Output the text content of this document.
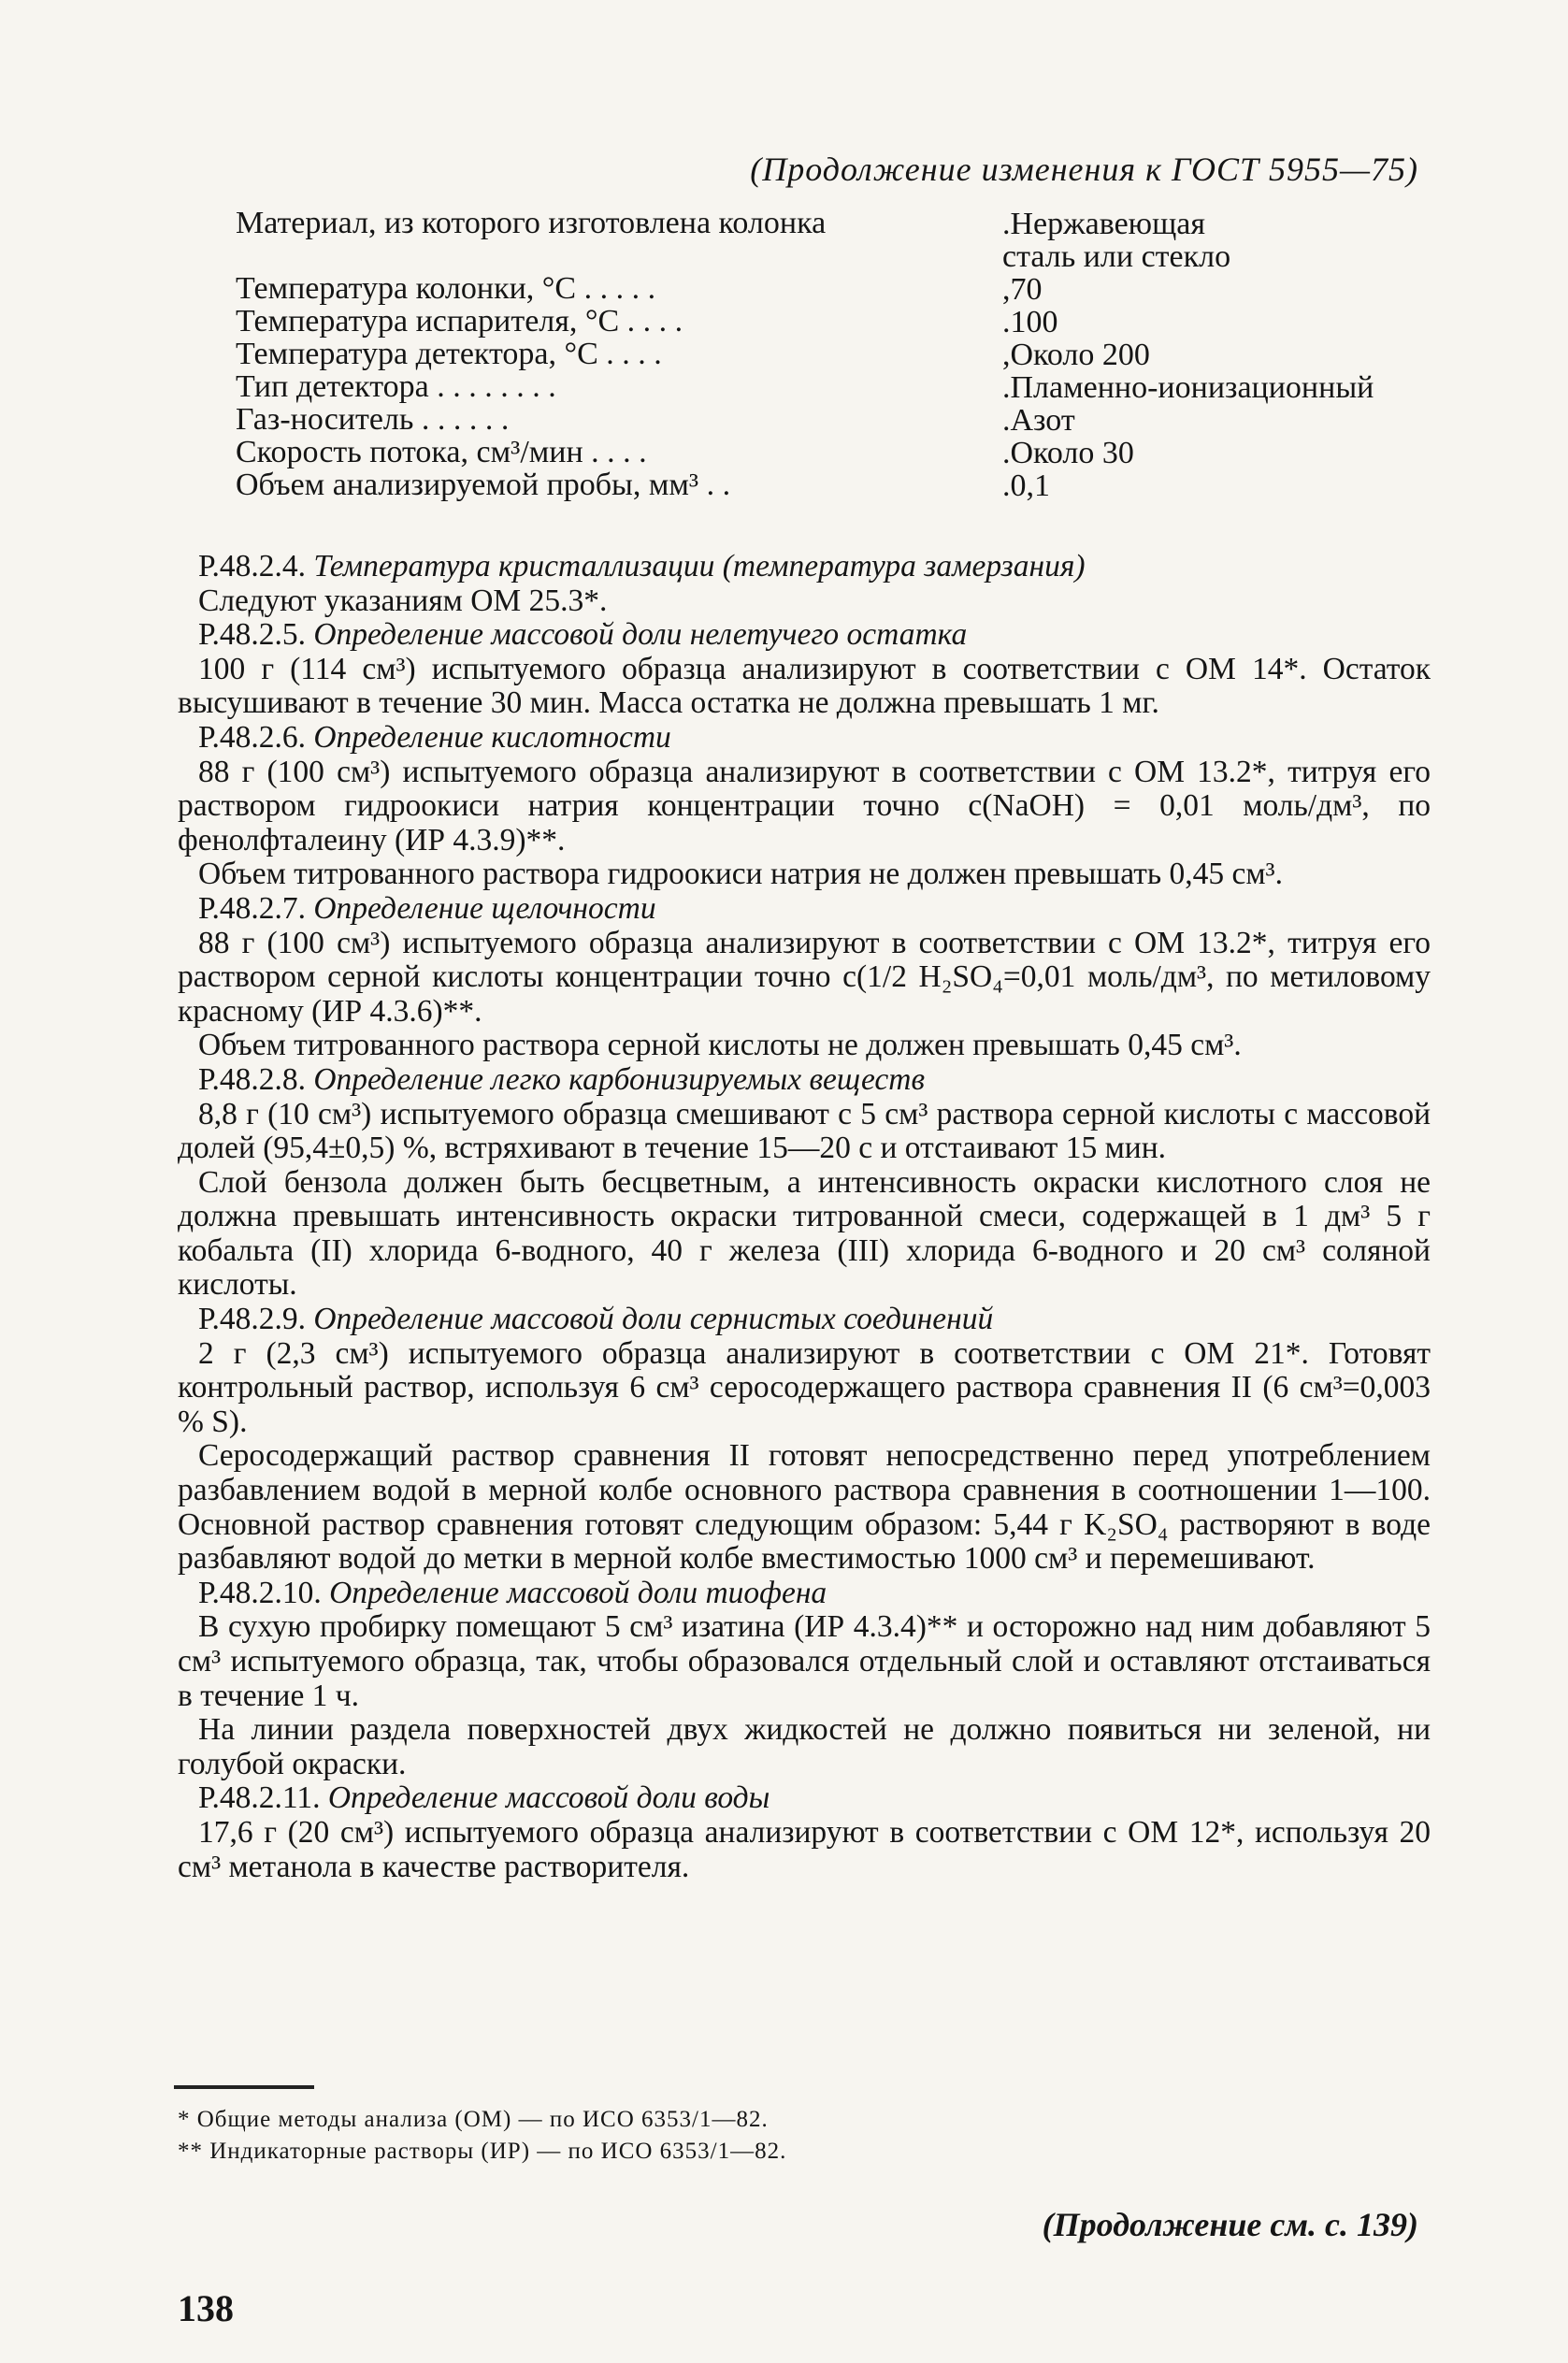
(Продолжение изменения к ГОСТ 5955—75)
Материал, из которого изготовлена колонка	.Нержавеющая
сталь или стекло
Температура колонки, °С . . . . .	,70
Температура испарителя, °С . . . .	.100
Температура детектора, °С . . . .	,Около 200
Тип детектора . . . . . . . .	.Пламенно-ионизационный
Газ-носитель . . . . . .	.Азот
Скорость потока, см³/мин . . . .	.Около 30
Объем анализируемой пробы, мм³ . .	.0,1

Р.48.2.4. Температура кристаллизации (температура замерзания)

Следуют указаниям ОМ 25.3*.

Р.48.2.5. Определение массовой доли нелетучего остатка

100 г (114 см³) испытуемого образца анализируют в соответствии с ОМ 14*. Остаток высушивают в течение 30 мин. Масса остатка не должна превышать 1 мг.

Р.48.2.6. Определение кислотности

88 г (100 см³) испытуемого образца анализируют в соответствии с ОМ 13.2*, титруя его раствором гидроокиси натрия концентрации точно c(NaOH) = 0,01 моль/дм³, по фенолфталеину (ИР 4.3.9)**.

Объем титрованного раствора гидроокиси натрия не должен превышать 0,45 см³.

Р.48.2.7. Определение щелочности

88 г (100 см³) испытуемого образца анализируют в соответствии с ОМ 13.2*, титруя его раствором серной кислоты концентрации точно c(1/2 H₂SO₄=0,01 моль/дм³, по метиловому красному (ИР 4.3.6)**.

Объем титрованного раствора серной кислоты не должен превышать 0,45 см³.

Р.48.2.8. Определение легко карбонизируемых веществ

8,8 г (10 см³) испытуемого образца смешивают с 5 см³ раствора серной кислоты с массовой долей (95,4±0,5) %, встряхивают в течение 15—20 с и отстаивают 15 мин.

Слой бензола должен быть бесцветным, а интенсивность окраски кислотного слоя не должна превышать интенсивность окраски титрованной смеси, содержащей в 1 дм³ 5 г кобальта (II) хлорида 6-водного, 40 г железа (III) хлорида 6-водного и 20 см³ соляной кислоты.

Р.48.2.9. Определение массовой доли сернистых соединений

2 г (2,3 см³) испытуемого образца анализируют в соответствии с ОМ 21*. Готовят контрольный раствор, используя 6 см³ серосодержащего раствора сравнения II (6 см³=0,003 % S).

Серосодержащий раствор сравнения II готовят непосредственно перед употреблением разбавлением водой в мерной колбе основного раствора сравнения в соотношении 1—100. Основной раствор сравнения готовят следующим образом: 5,44 г K₂SO₄ растворяют в воде разбавляют водой до метки в мерной колбе вместимостью 1000 см³ и перемешивают.

Р.48.2.10. Определение массовой доли тиофена

В сухую пробирку помещают 5 см³ изатина (ИР 4.3.4)** и осторожно над ним добавляют 5 см³ испытуемого образца, так, чтобы образовался отдельный слой и оставляют отстаиваться в течение 1 ч.

На линии раздела поверхностей двух жидкостей не должно появиться ни зеленой, ни голубой окраски.

Р.48.2.11. Определение массовой доли воды

17,6 г (20 см³) испытуемого образца анализируют в соответствии с ОМ 12*, используя 20 см³ метанола в качестве растворителя.

* Общие методы анализа (ОМ) — по ИСО 6353/1—82.
** Индикаторные растворы (ИР) — по ИСО 6353/1—82.
(Продолжение см. с. 139)
138
